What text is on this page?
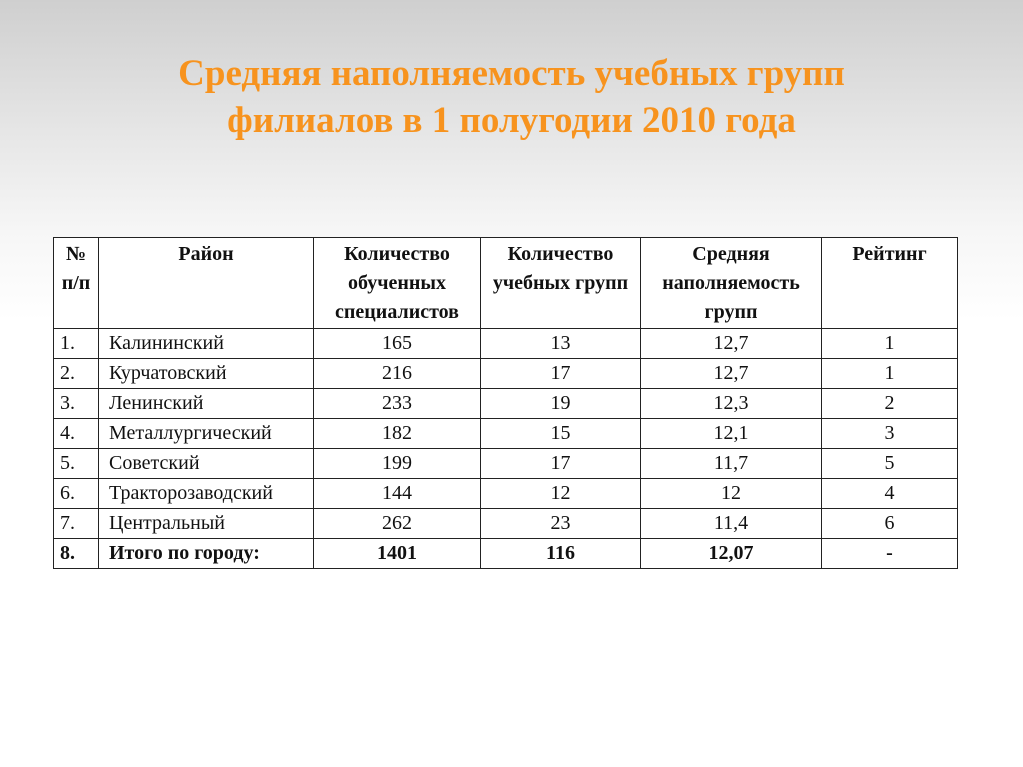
Средняя наполняемость учебных групп
филиалов в 1 полугодии 2010 года
№ п/п	Район	Количество обученных специалистов	Количество учебных групп	Средняя наполняемость групп	Рейтинг
1.	Калининский	165	13	12,7	1
2.	Курчатовский	216	17	12,7	1
3.	Ленинский	233	19	12,3	2
4.	Металлургический	182	15	12,1	3
5.	Советский	199	17	11,7	5
6.	Тракторозаводский	144	12	12	4
7.	Центральный	262	23	11,4	6
8.	Итого по городу:	1401	116	12,07	-
